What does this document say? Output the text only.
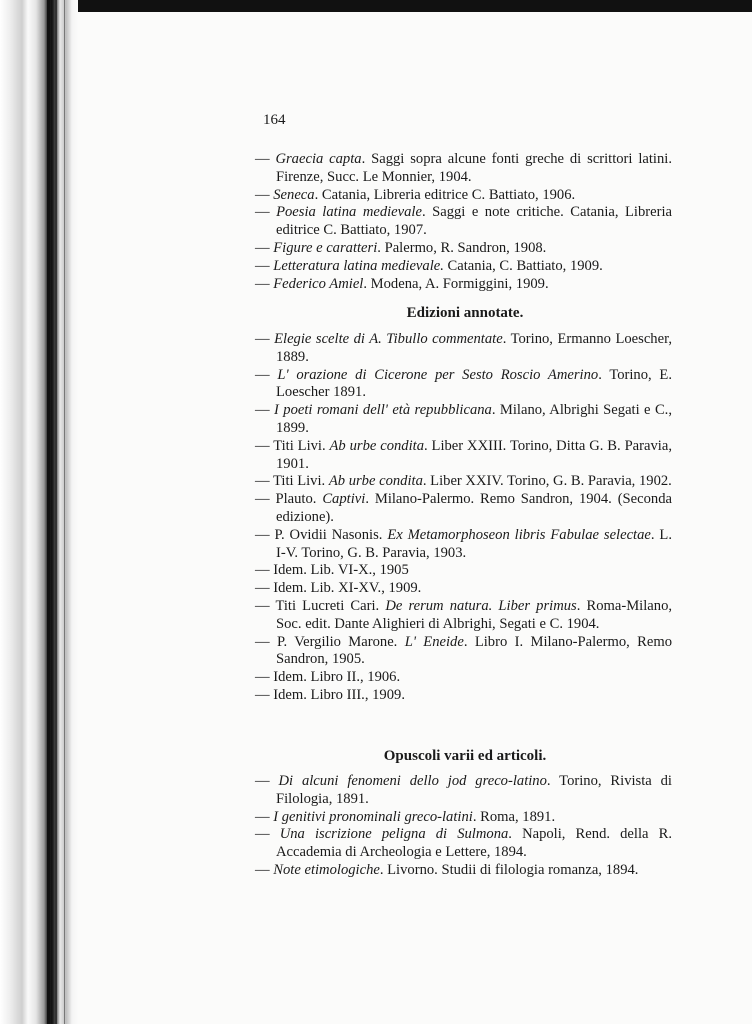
164

— Graecia capta. Saggi sopra alcune fonti greche di scrittori latini. Firenze, Succ. Le Monnier, 1904.

— Seneca. Catania, Libreria editrice C. Battiato, 1906.

— Poesia latina medievale. Saggi e note critiche. Catania, Libreria editrice C. Battiato, 1907.

— Figure e caratteri. Palermo, R. Sandron, 1908.

— Letteratura latina medievale. Catania, C. Battiato, 1909.

— Federico Amiel. Modena, A. Formiggini, 1909.

Edizioni annotate.

— Elegie scelte di A. Tibullo commentate. Torino, Ermanno Loescher, 1889.

— L' orazione di Cicerone per Sesto Roscio Amerino. Torino, E. Loescher 1891.

— I poeti romani dell' età repubblicana. Milano, Albrighi Segati e C., 1899.

— Titi Livi. Ab urbe condita. Liber XXIII. Torino, Ditta G. B. Paravia, 1901.

— Titi Livi. Ab urbe condita. Liber XXIV. Torino, G. B. Paravia, 1902.

— Plauto. Captivi. Milano-Palermo. Remo Sandron, 1904. (Seconda edizione).

— P. Ovidii Nasonis. Ex Metamorphoseon libris Fabulae selectae. L. I-V. Torino, G. B. Paravia, 1903.

— Idem. Lib. VI-X., 1905

— Idem. Lib. XI-XV., 1909.

— Titi Lucreti Cari. De rerum natura. Liber primus. Roma-Milano, Soc. edit. Dante Alighieri di Albrighi, Segati e C. 1904.

— P. Vergilio Marone. L' Eneide. Libro I. Milano-Palermo, Remo Sandron, 1905.

— Idem. Libro II., 1906.

— Idem. Libro III., 1909.

Opuscoli varii ed articoli.

— Di alcuni fenomeni dello jod greco-latino. Torino, Rivista di Filologia, 1891.

— I genitivi pronominali greco-latini. Roma, 1891.

— Una iscrizione peligna di Sulmona. Napoli, Rend. della R. Accademia di Archeologia e Lettere, 1894.

— Note etimologiche. Livorno. Studii di filologia romanza, 1894.
